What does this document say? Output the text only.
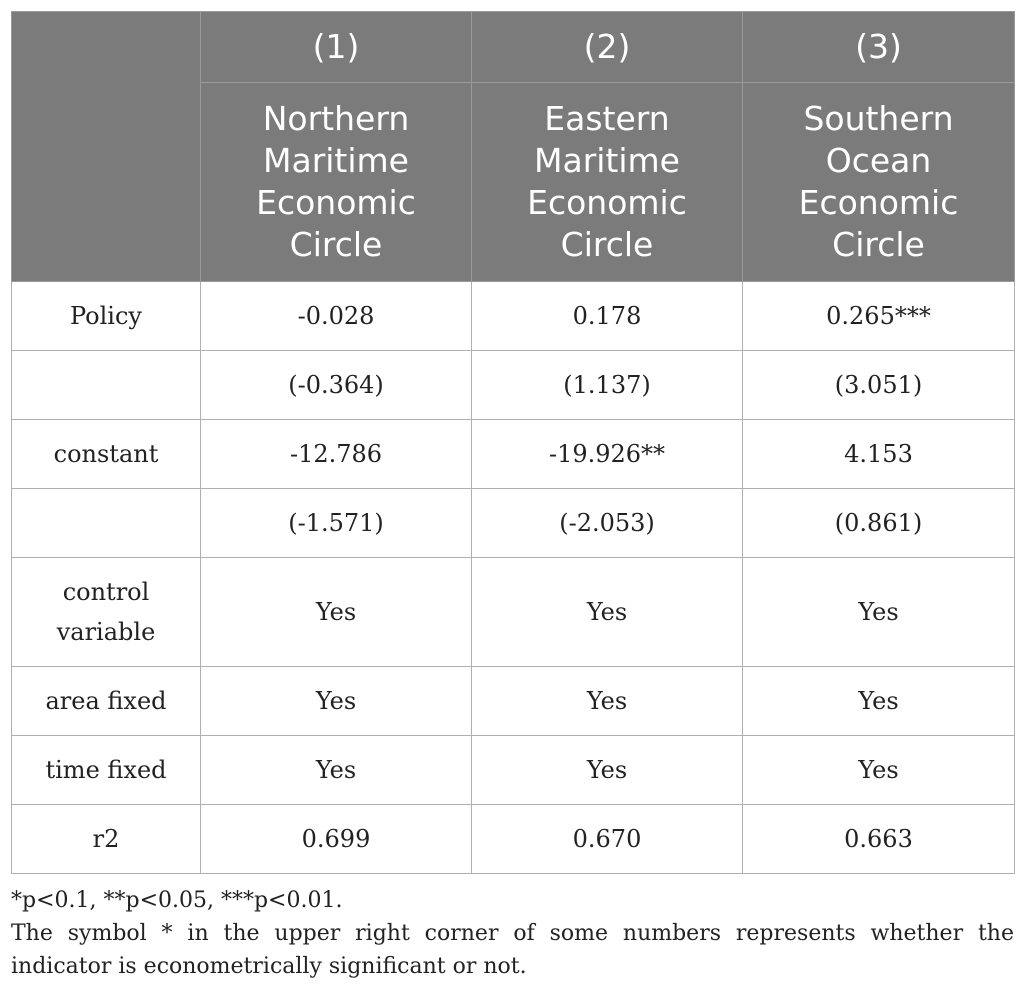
	(1)	(2)	(3)
	Northern Maritime Economic Circle	Eastern Maritime Economic Circle	Southern Ocean Economic Circle
Policy	-0.028	0.178	0.265***
	(-0.364)	(1.137)	(3.051)
constant	-12.786	-19.926**	4.153
	(-1.571)	(-2.053)	(0.861)
control variable	Yes	Yes	Yes
area fixed	Yes	Yes	Yes
time fixed	Yes	Yes	Yes
r2	0.699	0.670	0.663

*p<0.1, **p<0.05, ***p<0.01.

The symbol * in the upper right corner of some numbers represents whether the indicator is econometrically significant or not.
